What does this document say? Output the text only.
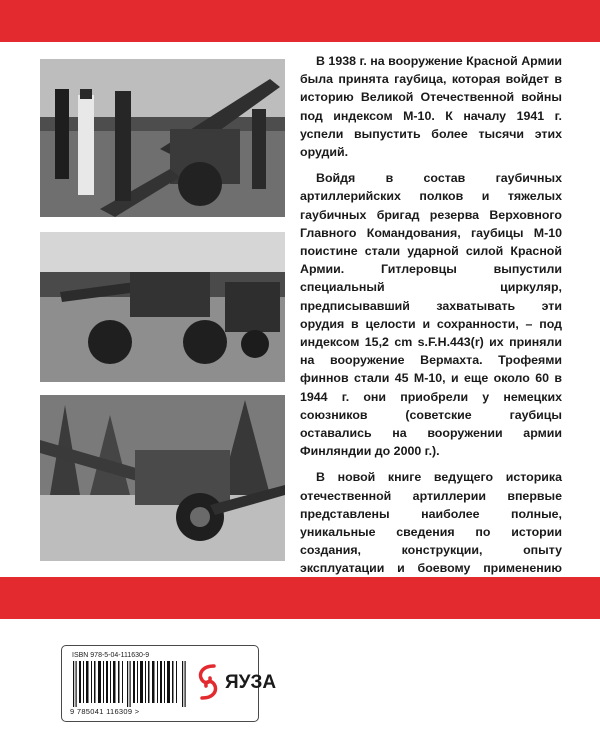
В 1938 г. на вооружение Красной Армии была принята гаубица, которая войдет в историю Великой Отечественной войны под индексом М-10. К началу 1941 г. успели выпустить более тысячи этих орудий.

Войдя в состав гаубичных артиллерийских полков и тяжелых гаубичных бригад резерва Верховного Главного Командования, гаубицы М-10 поистине стали ударной силой Красной Армии. Гитлеровцы выпустили специальный циркуляр, предписывавший захватывать эти орудия в целости и сохранности, – под индексом 15,2 cm s.F.H.443(r) их приняли на вооружение Вермахта. Трофеями финнов стали 45 М-10, и еще около 60 в 1944 г. они приобрели у немецких союзников (советские гаубицы оставались на вооружении армии Финляндии до 2000 г.).

В новой книге ведущего историка отечественной артиллерии впервые представлены наиболее полные, уникальные сведения по истории создания, конструкции, опыту эксплуатации и боевому применению

ISBN 978-5-04-111630-9
9 785041 116309 >
ЯУЗА
